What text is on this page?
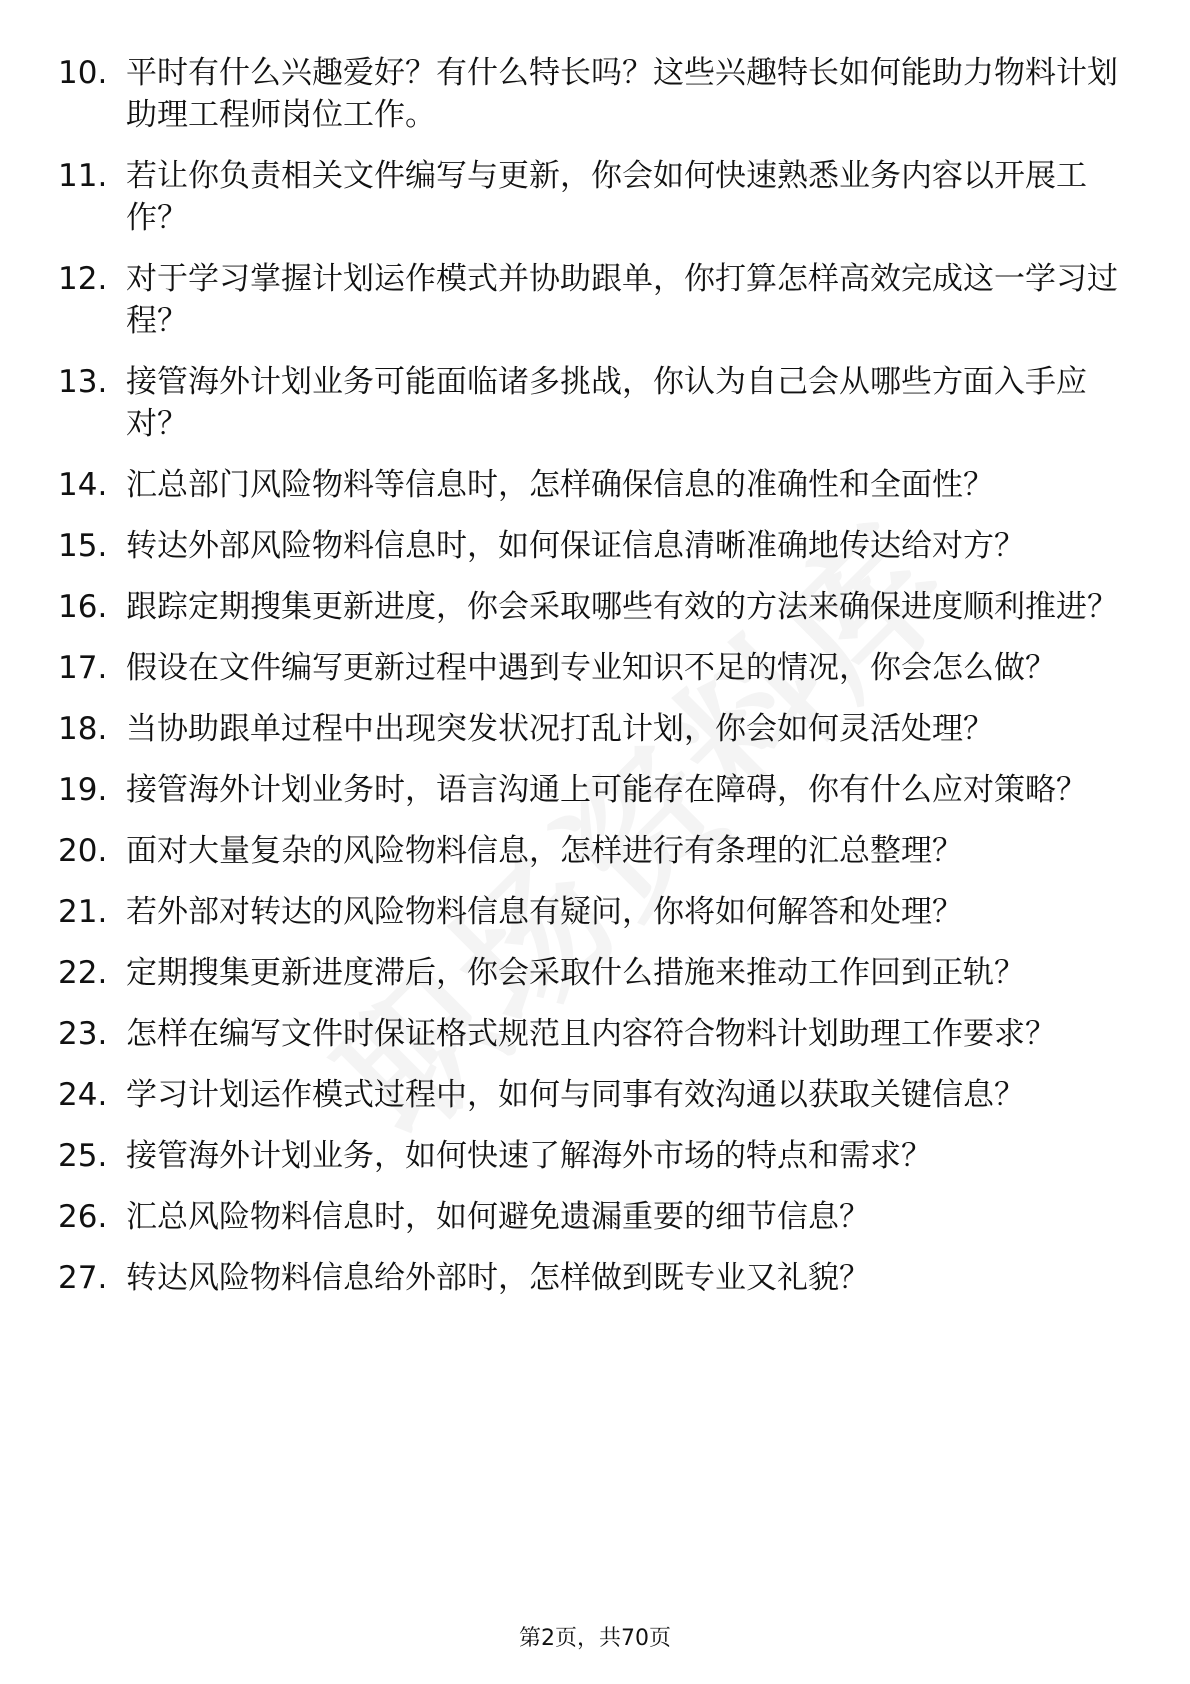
10. 平时有什么兴趣爱好？有什么特长吗？这些兴趣特长如何能助力物料计划助理工程师岗位工作。
11. 若让你负责相关文件编写与更新，你会如何快速熟悉业务内容以开展工作？
12. 对于学习掌握计划运作模式并协助跟单，你打算怎样高效完成这一学习过程？
13. 接管海外计划业务可能面临诸多挑战，你认为自己会从哪些方面入手应对？
14. 汇总部门风险物料等信息时，怎样确保信息的准确性和全面性？
15. 转达外部风险物料信息时，如何保证信息清晰准确地传达给对方？
16. 跟踪定期搜集更新进度，你会采取哪些有效的方法来确保进度顺利推进？
17. 假设在文件编写更新过程中遇到专业知识不足的情况，你会怎么做？
18. 当协助跟单过程中出现突发状况打乱计划，你会如何灵活处理？
19. 接管海外计划业务时，语言沟通上可能存在障碍，你有什么应对策略？
20. 面对大量复杂的风险物料信息，怎样进行有条理的汇总整理？
21. 若外部对转达的风险物料信息有疑问，你将如何解答和处理？
22. 定期搜集更新进度滞后，你会采取什么措施来推动工作回到正轨？
23. 怎样在编写文件时保证格式规范且内容符合物料计划助理工作要求？
24. 学习计划运作模式过程中，如何与同事有效沟通以获取关键信息？
25. 接管海外计划业务，如何快速了解海外市场的特点和需求？
26. 汇总风险物料信息时，如何避免遗漏重要的细节信息？
27. 转达风险物料信息给外部时，怎样做到既专业又礼貌？
第2页，共70页
